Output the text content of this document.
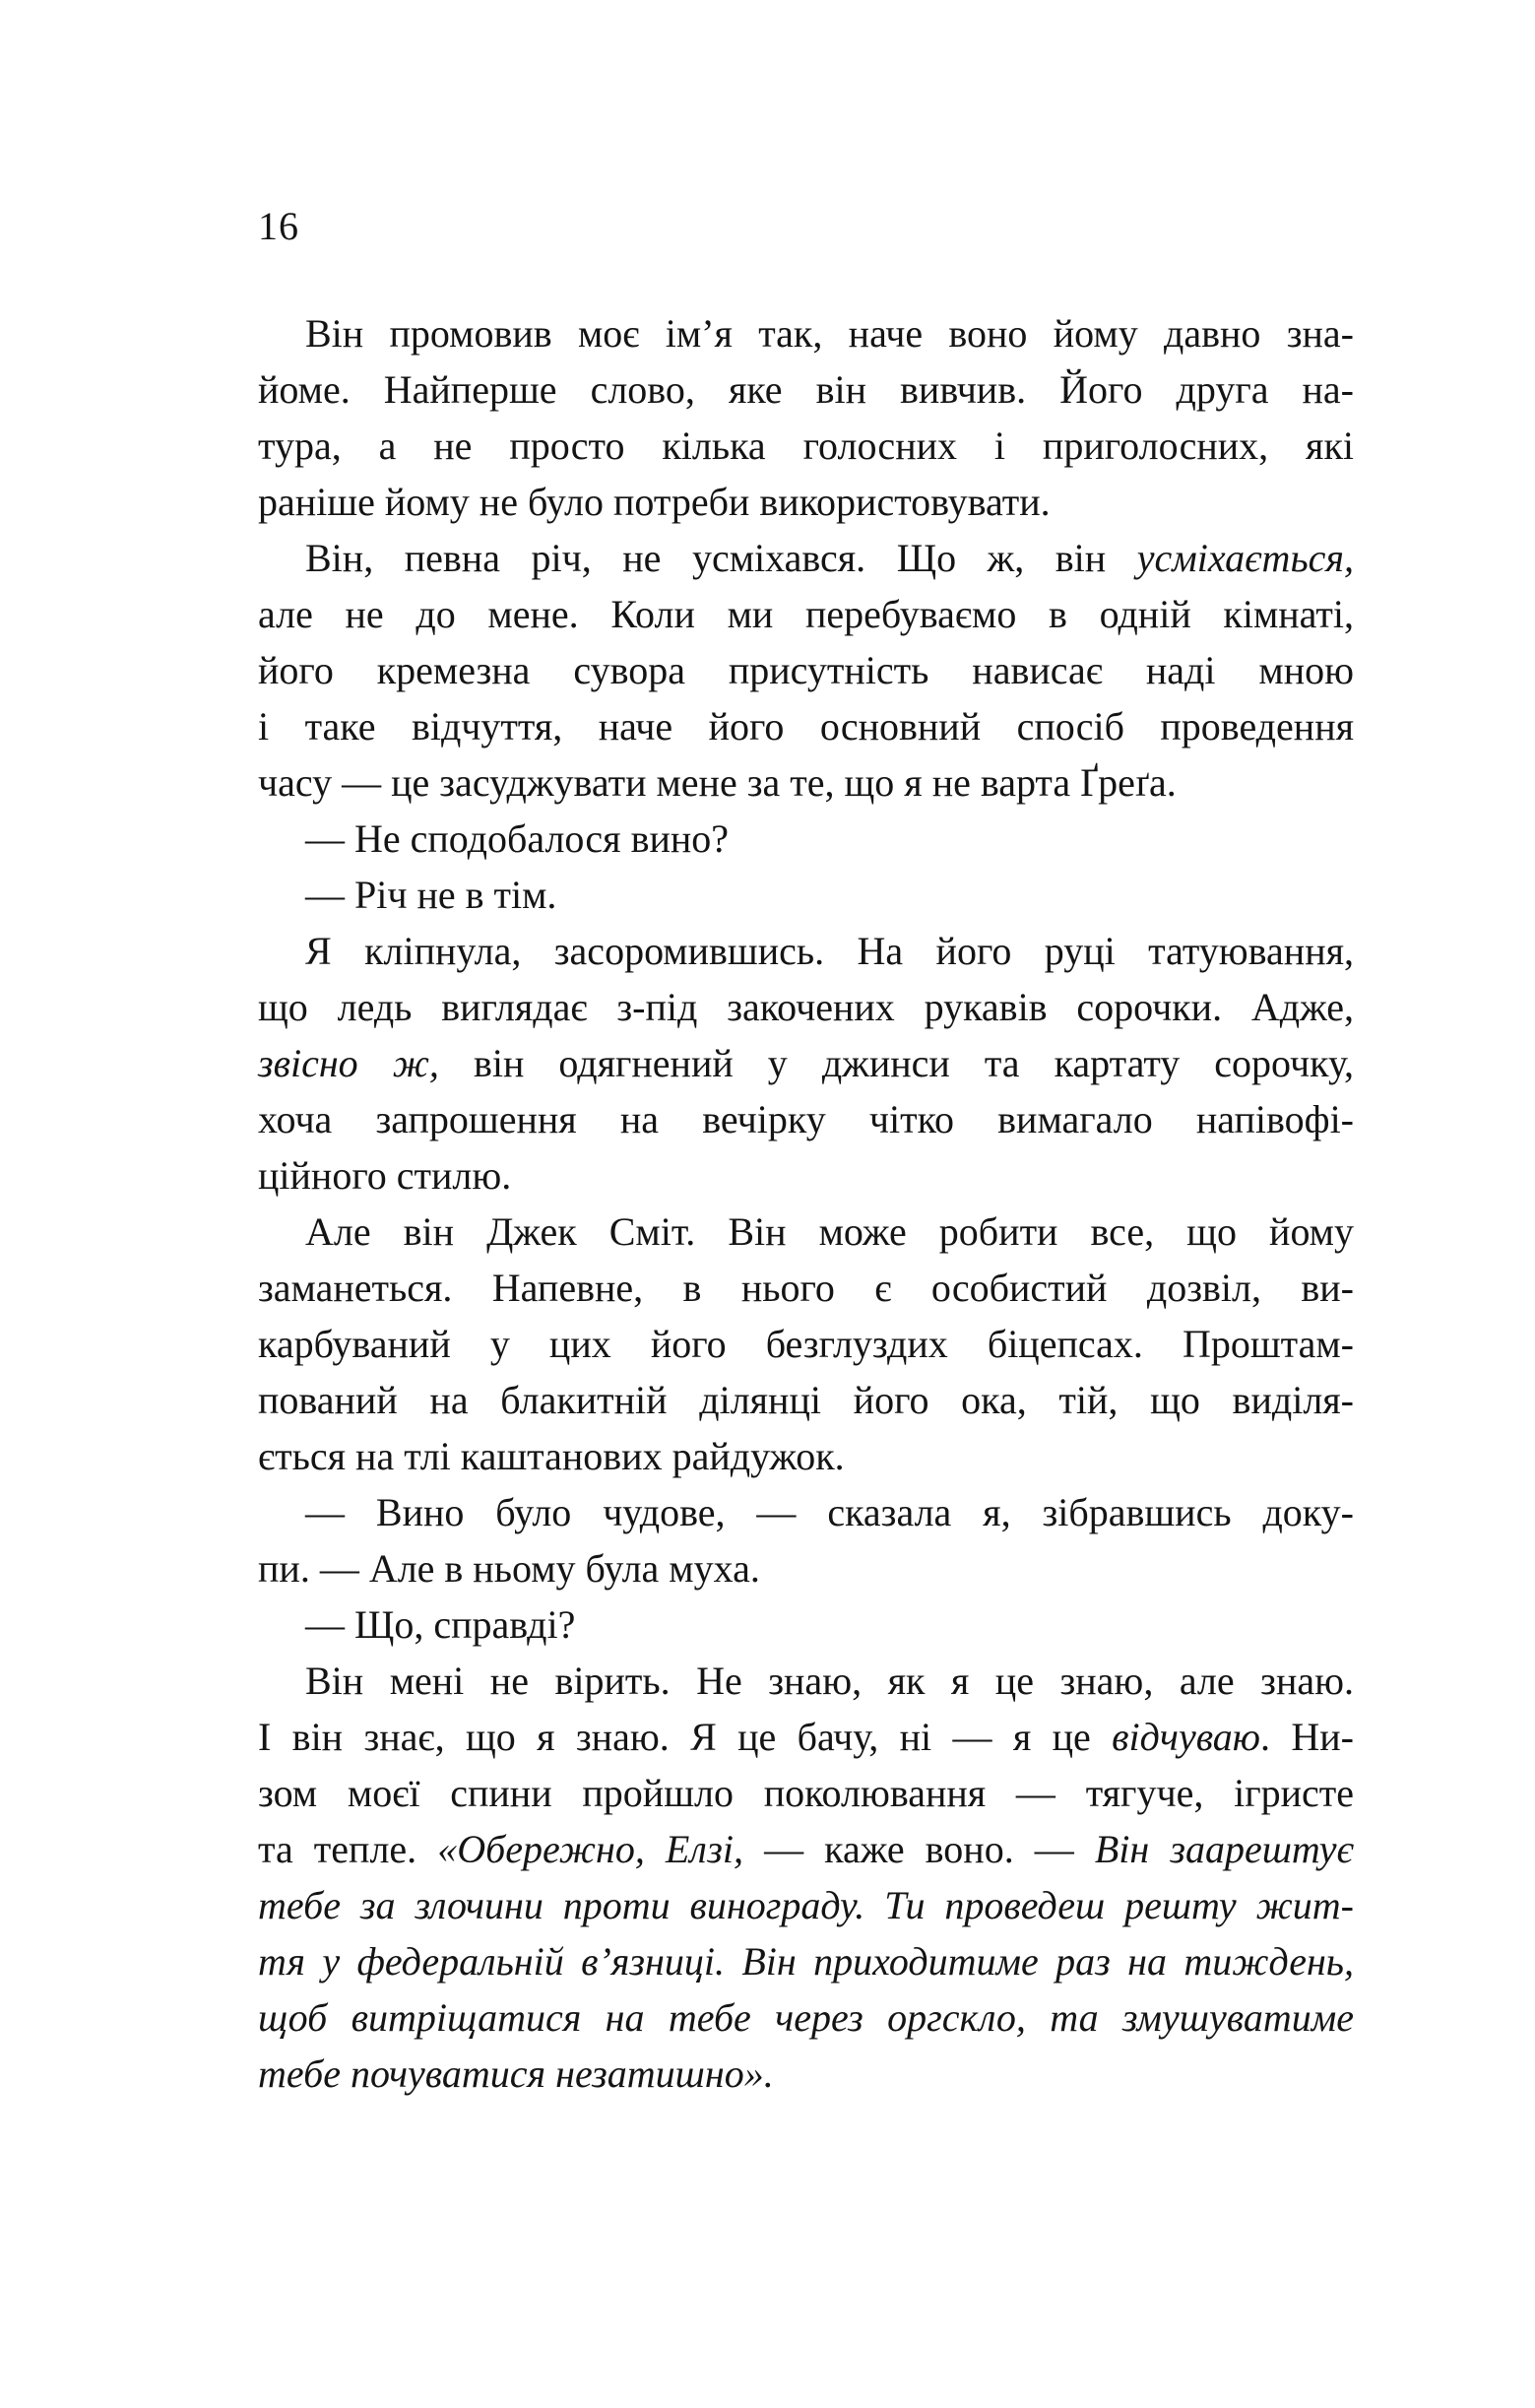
16
Він промовив моє ім’я так, наче воно йому давно зна-
йоме. Найперше слово, яке він вивчив. Його друга на-
тура, а не просто кілька голосних і приголосних, які
раніше йому не було потреби використовувати.
Він, певна річ, не усміхався. Що ж, він усміхається,
але не до мене. Коли ми перебуваємо в одній кімнаті,
його кремезна сувора присутність нависає наді мною
і таке відчуття, наче його основний спосіб проведення
часу — це засуджувати мене за те, що я не варта Ґреґа.
— Не сподобалося вино?
— Річ не в тім.
Я кліпнула, засоромившись. На його руці татуювання,
що ледь виглядає з-під закочених рукавів сорочки. Адже,
звісно ж, він одягнений у джинси та картату сорочку,
хоча запрошення на вечірку чітко вимагало напівофі-
ційного стилю.
Але він Джек Сміт. Він може робити все, що йому
заманеться. Напевне, в нього є особистий дозвіл, ви-
карбуваний у цих його безглуздих біцепсах. Проштам-
пований на блакитній ділянці його ока, тій, що виділя-
ється на тлі каштанових райдужок.
— Вино було чудове, — сказала я, зібравшись доку-
пи. — Але в ньому була муха.
— Що, справді?
Він мені не вірить. Не знаю, як я це знаю, але знаю.
І він знає, що я знаю. Я це бачу, ні — я це відчуваю. Ни-
зом моєї спини пройшло поколювання — тягуче, ігристе
та тепле. «Обережно, Елзі, — каже воно. — Він заарештує
тебе за злочини проти винограду. Ти проведеш решту жит-
тя у федеральній в’язниці. Він приходитиме раз на тиждень,
щоб витріщатися на тебе через оргскло, та змушуватиме
тебе почуватися незатишно».
